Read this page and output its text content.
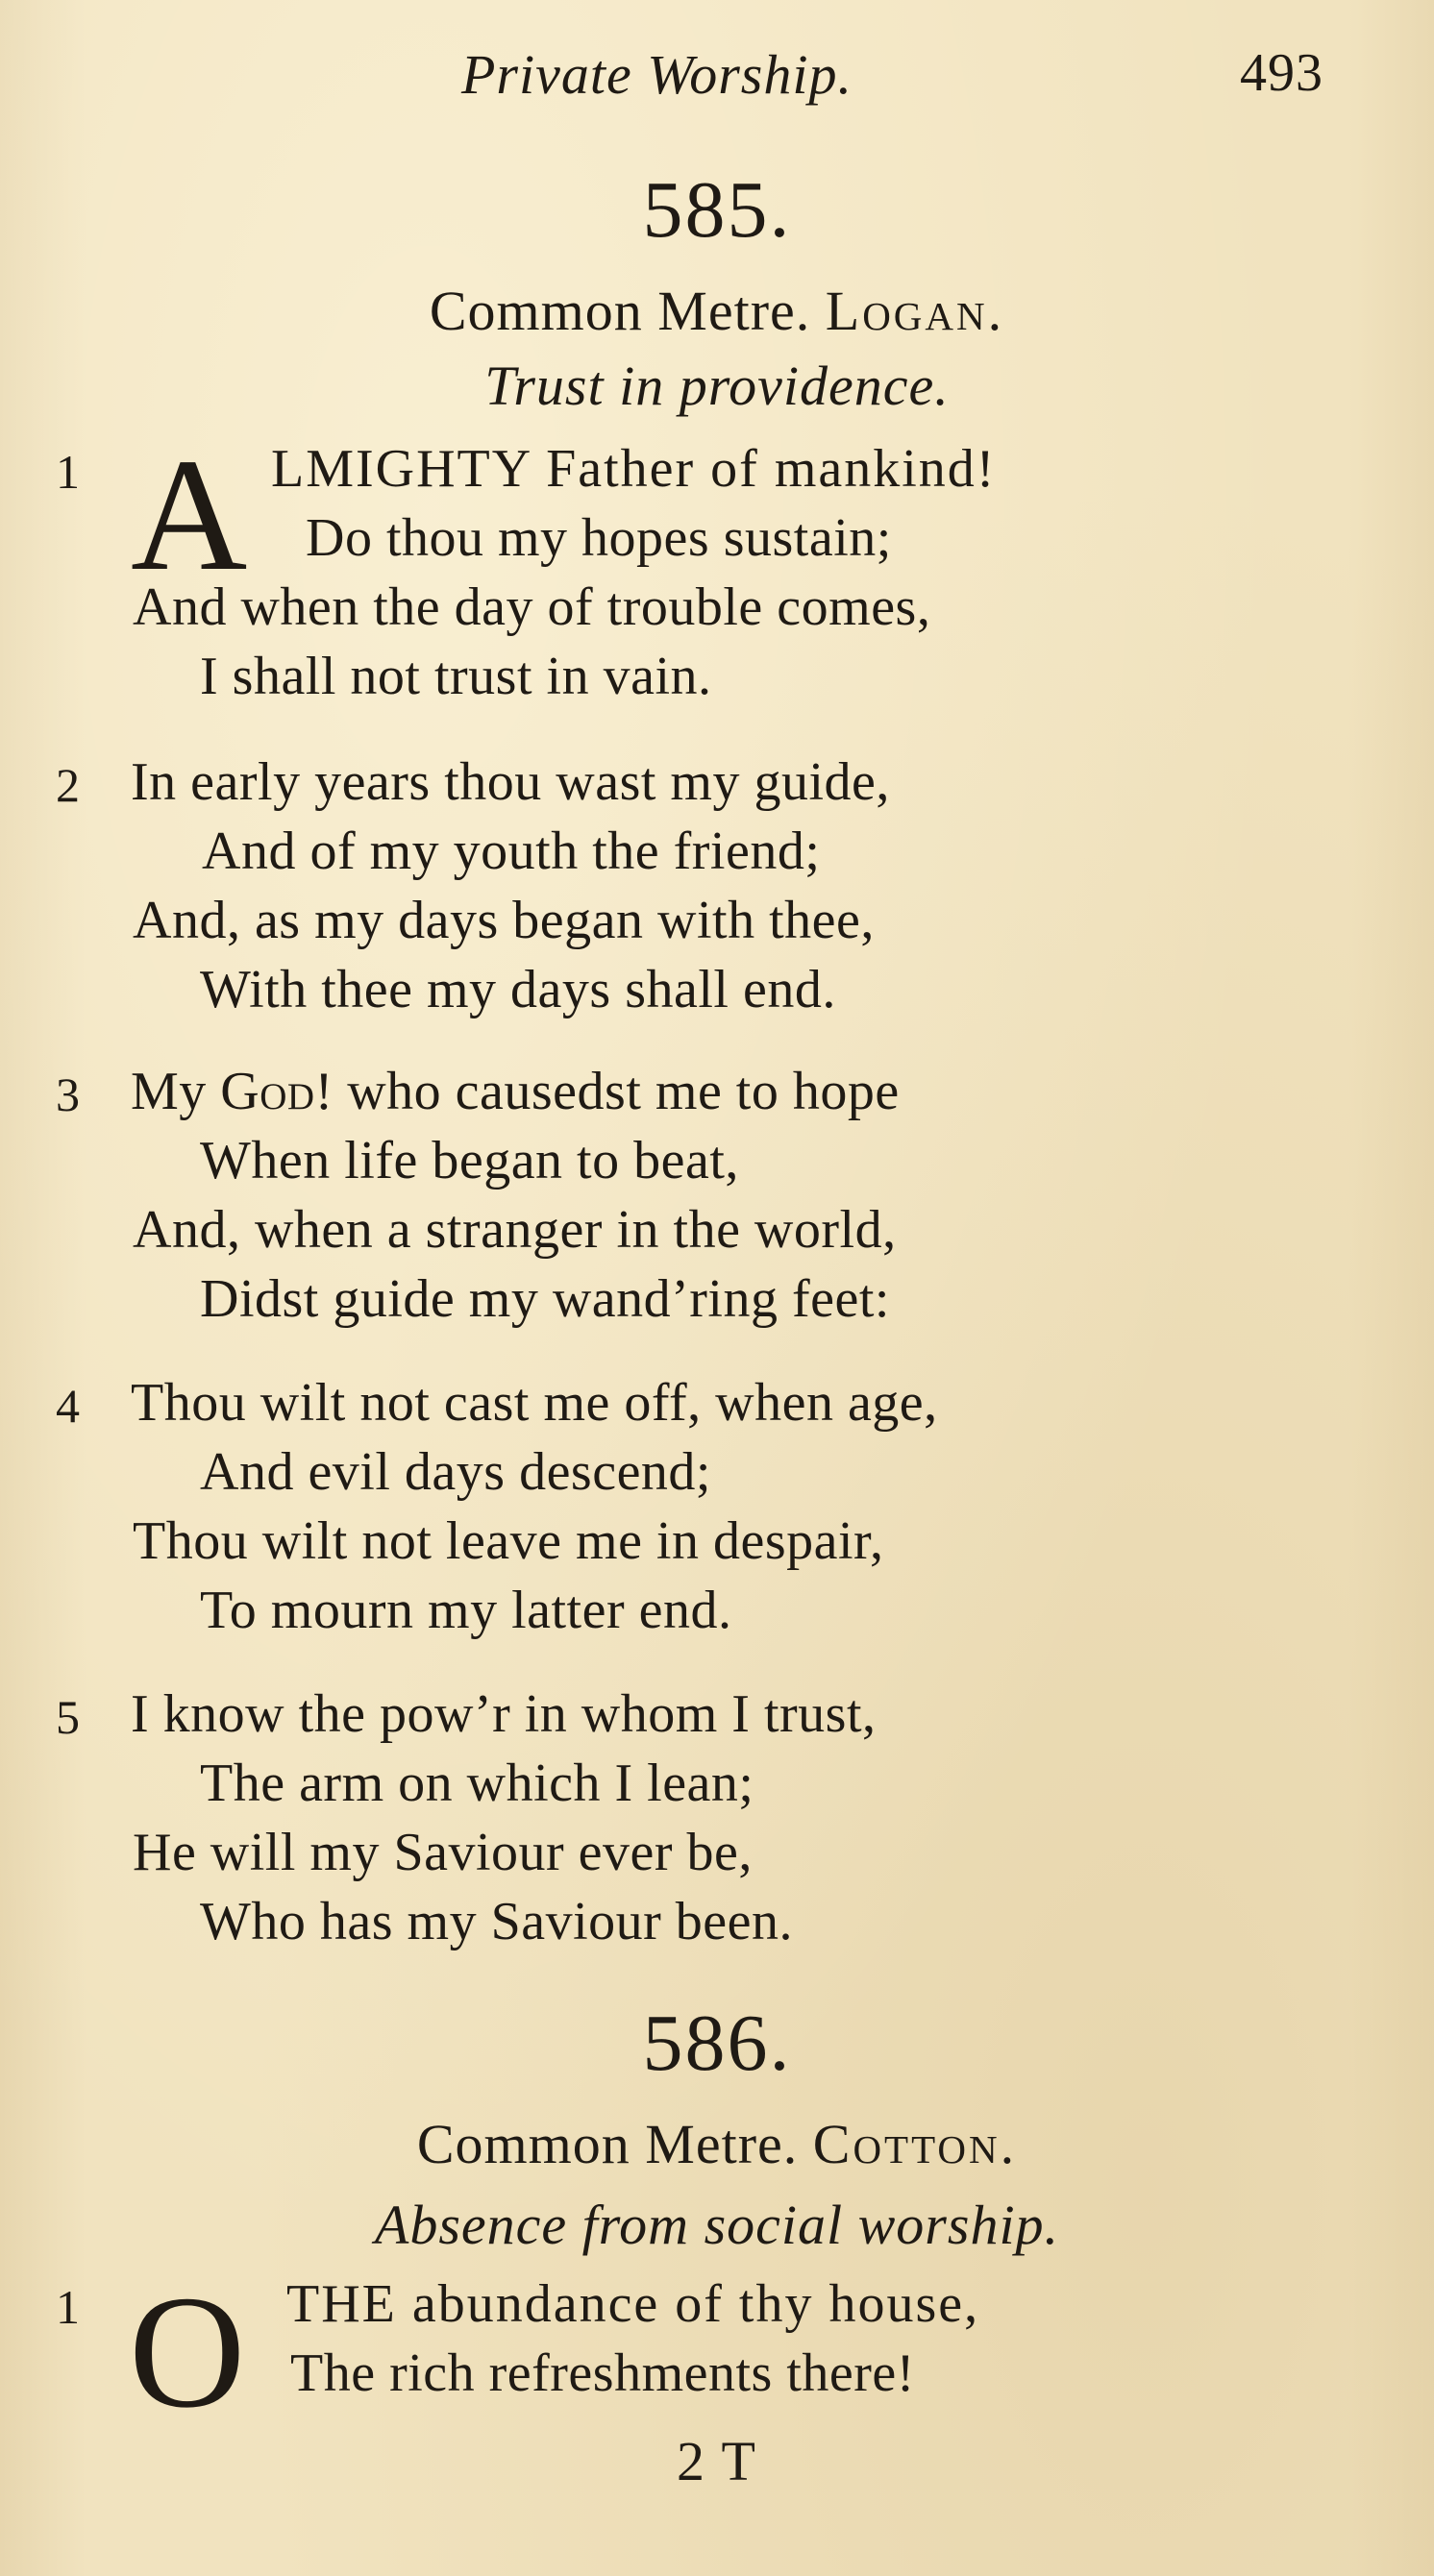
Private Worship.	493
585.
Common Metre. Logan.
Trust in providence.
1 A LMIGHTY Father of mankind!
Do thou my hopes sustain;
And when the day of trouble comes,
I shall not trust in vain.
2 In early years thou wast my guide,
And of my youth the friend;
And, as my days began with thee,
With thee my days shall end.
3 My God! who causedst me to hope
When life began to beat,
And, when a stranger in the world,
Didst guide my wand’ring feet:
4 Thou wilt not cast me off, when age,
And evil days descend;
Thou wilt not leave me in despair,
To mourn my latter end.
5 I know the pow’r in whom I trust,
The arm on which I lean;
He will my Saviour ever be,
Who has my Saviour been.
586.
Common Metre. Cotton.
Absence from social worship.
1 O THE abundance of thy house,
The rich refreshments there!
2 T
